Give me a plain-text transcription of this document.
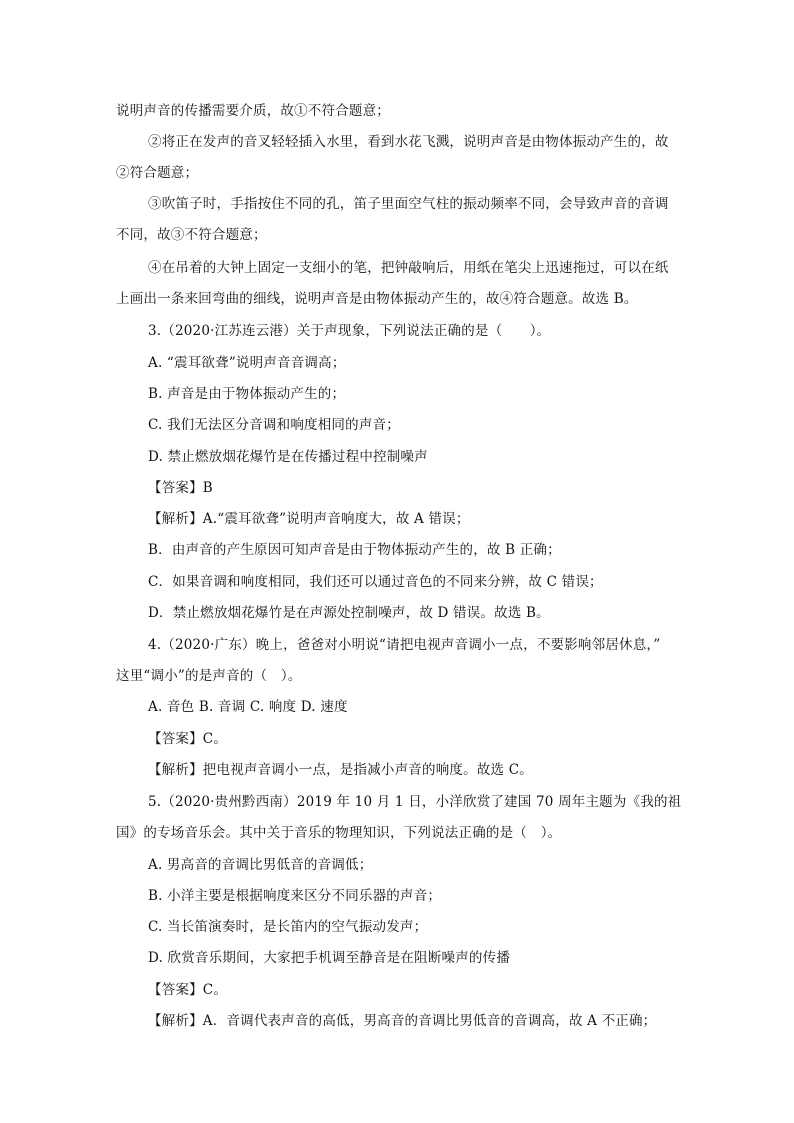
说明声音的传播需要介质，故①不符合题意；
②将正在发声的音叉轻轻插入水里，看到水花飞溅，说明声音是由物体振动产生的，故
②符合题意；
③吹笛子时，手指按住不同的孔，笛子里面空气柱的振动频率不同，会导致声音的音调
不同，故③不符合题意；
④在吊着的大钟上固定一支细小的笔，把钟敲响后，用纸在笔尖上迅速拖过，可以在纸
上画出一条来回弯曲的细线，说明声音是由物体振动产生的，故④符合题意。故选 B。
3.（2020·江苏连云港）关于声现象，下列说法正确的是（　　）。
A. “震耳欲聋”说明声音音调高；
B. 声音是由于物体振动产生的；
C. 我们无法区分音调和响度相同的声音；
D. 禁止燃放烟花爆竹是在传播过程中控制噪声
【答案】B
【解析】A.“震耳欲聋”说明声音响度大，故 A 错误；
B．由声音的产生原因可知声音是由于物体振动产生的，故 B 正确；
C．如果音调和响度相同，我们还可以通过音色的不同来分辨，故 C 错误；
D．禁止燃放烟花爆竹是在声源处控制噪声，故 D 错误。故选 B。
4.（2020·广东）晚上，爸爸对小明说“请把电视声音调小一点，不要影响邻居休息，”
这里“调小”的是声音的（　）。
A. 音色 B. 音调 C. 响度 D. 速度
【答案】C。
【解析】把电视声音调小一点，是指减小声音的响度。故选 C。
5.（2020·贵州黔西南）2019 年 10 月 1 日，小洋欣赏了建国 70 周年主题为《我的祖
国》的专场音乐会。其中关于音乐的物理知识，下列说法正确的是（　）。
A. 男高音的音调比男低音的音调低；
B. 小洋主要是根据响度来区分不同乐器的声音；
C. 当长笛演奏时，是长笛内的空气振动发声；
D. 欣赏音乐期间，大家把手机调至静音是在阻断噪声的传播
【答案】C。
【解析】A．音调代表声音的高低，男高音的音调比男低音的音调高，故 A 不正确；
